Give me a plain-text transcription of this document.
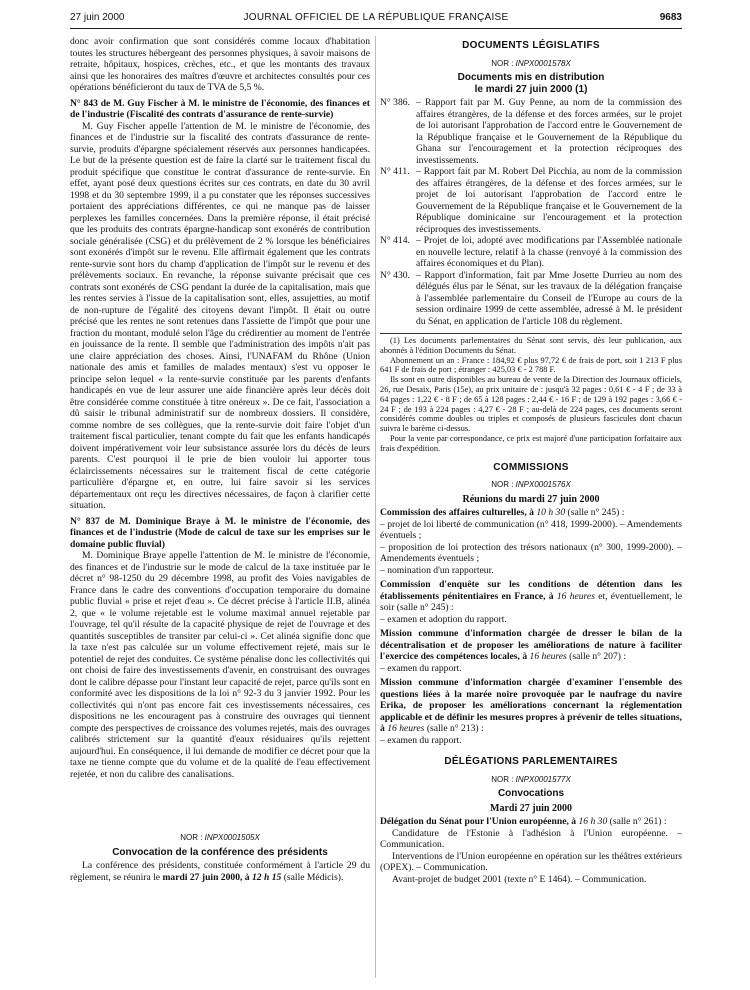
27 juin 2000	JOURNAL OFFICIEL DE LA RÉPUBLIQUE FRANÇAISE	9683

donc avoir confirmation que sont considérés comme locaux d'habitation toutes les structures hébergeant des personnes physiques, à savoir maisons de retraite, hôpitaux, hospices, crèches, etc., et que les montants des travaux ainsi que les honoraires des maîtres d'œuvre et architectes consultés pour ces opérations bénéficieront du taux de TVA de 5,5 %.

N° 843 de M. Guy Fischer à M. le ministre de l'économie, des finances et de l'industrie (Fiscalité des contrats d'assurance de rente-survie)

M. Guy Fischer appelle l'attention de M. le ministre de l'économie, des finances et de l'industrie sur la fiscalité des contrats d'assurance de rente-survie, produits d'épargne spécialement réservés aux personnes handicapées. Le but de la présente question est de faire la clarté sur le traitement fiscal du produit spécifique que constitue le contrat d'assurance de rente-survie. En effet, ayant posé deux questions écrites sur ces contrats, en date du 30 avril 1998 et du 30 septembre 1999, il a pu constater que les réponses successives portaient des appréciations différentes, ce qui ne manque pas de laisser perplexes les familles concernées. Dans la première réponse, il était précisé que les produits des contrats épargne-handicap sont exonérés de contribution sociale généralisée (CSG) et du prélèvement de 2 % lorsque les bénéficiaires sont exonérés d'impôt sur le revenu. Elle affirmait également que les contrats rente-survie sont hors du champ d'application de l'impôt sur le revenu et des prélèvements sociaux. En revanche, la réponse suivante précisait que ces contrats sont exonérés de CSG pendant la durée de la capitalisation, mais que les rentes servies à l'issue de la capitalisation sont, elles, assujetties, au motif de non-rupture de l'égalité des citoyens devant l'impôt. Il était ou outre précisé que les rentes ne sont retenues dans l'assiette de l'impôt que pour une fraction du montant, modulé selon l'âge du crédirentier au moment de l'entrée en jouissance de la rente. Il semble que l'administration des impôts n'ait pas une claire appréciation des choses. Ainsi, l'UNAFAM du Rhône (Union nationale des amis et familles de malades mentaux) s'est vu opposer le principe selon lequel « la rente-survie constituée par les parents d'enfants handicapés en vue de leur assurer une aide financière après leur décès doit être considérée comme constituée à titre onéreux ». De ce fait, l'association a dû saisir le tribunal administratif sur de nombreux dossiers. Il considère, comme nombre de ses collègues, que la rente-survie doit faire l'objet d'un traitement fiscal particulier, tenant compte du fait que les enfants handicapés doivent impérativement voir leur subsistance assurée lors du décès de leurs parents. C'est pourquoi il le prie de bien vouloir lui apporter tous éclaircissements nécessaires sur le traitement fiscal de cette catégorie particulière d'épargne et, en outre, lui faire savoir si les services départementaux ont reçu les directives nécessaires, de façon à clarifier cette situation.

N° 837 de M. Dominique Braye à M. le ministre de l'économie, des finances et de l'industrie (Mode de calcul de taxe sur les emprises sur le domaine public fluvial)

M. Dominique Braye appelle l'attention de M. le ministre de l'économie, des finances et de l'industrie sur le mode de calcul de la taxe instituée par le décret n° 98-1250 du 29 décembre 1998, au profit des Voies navigables de France dans le cadre des conventions d'occupation temporaire du domaine public fluvial « prise et rejet d'eau ». Ce décret précise à l'article II.B, alinéa 2, que « le volume rejetable est le volume maximal annuel rejetable par l'ouvrage, tel qu'il résulte de la capacité physique de rejet de l'ouvrage et des quantités susceptibles de transiter par celui-ci ». Cet alinéa signifie donc que la taxe n'est pas calculée sur un volume effectivement rejeté, mais sur le potentiel de rejet des conduites. Ce système pénalise donc les collectivités qui ont choisi de faire des investissements d'avenir, en construisant des ouvrages dont le calibre dépasse pour l'instant leur capacité de rejet, parce qu'ils sont en conformité avec les dispositions de la loi n° 92-3 du 3 janvier 1992. Pour les collectivités qui n'ont pas encore fait ces investissements nécessaires, ces dispositions ne les encouragent pas à construire des ouvrages qui tiennent compte des perspectives de croissance des volumes rejetés, mais des ouvrages calibrés strictement sur la quantité d'eaux résiduaires qu'ils rejettent aujourd'hui. En conséquence, il lui demande de modifier ce décret pour que la taxe ne tienne compte que du volume et de la qualité de l'eau effectivement rejetée, et non du calibre des canalisations.

NOR : INPX0001505X
Convocation de la conférence des présidents

La conférence des présidents, constituée conformément à l'article 29 du règlement, se réunira le mardi 27 juin 2000, à 12 h 15 (salle Médicis).

DOCUMENTS LÉGISLATIFS
NOR : INPX0001578X
Documents mis en distribution
le mardi 27 juin 2000 (1)
N° 386. – Rapport fait par M. Guy Penne, au nom de la commission des affaires étrangères, de la défense et des forces armées, sur le projet de loi autorisant l'approbation de l'accord entre le Gouvernement de la République française et le Gouvernement de la République du Ghana sur l'encouragement et la protection réciproques des investissements.
N° 411. – Rapport fait par M. Robert Del Picchia, au nom de la commission des affaires étrangères, de la défense et des forces armées, sur le projet de loi autorisant l'approbation de l'accord entre le Gouvernement de la République française et le Gouvernement de la République dominicaine sur l'encouragement et la protection réciproques des investissements.
N° 414. – Projet de loi, adopté avec modifications par l'Assemblée nationale en nouvelle lecture, relatif à la chasse (renvoyé à la commission des affaires économiques et du Plan).
N° 430. – Rapport d'information, fait par Mme Josette Durrieu au nom des délégués élus par le Sénat, sur les travaux de la délégation française à l'assemblée parlementaire du Conseil de l'Europe au cours de la session ordinaire 1999 de cette assemblée, adressé à M. le président du Sénat, en application de l'article 108 du règlement.

(1) Les documents parlementaires du Sénat sont servis, dès leur publication, aux abonnés à l'édition Documents du Sénat.

Abonnement un an : France : 184,92 € plus 97,72 € de frais de port, soit 1 213 F plus 641 F de frais de port ; étranger : 425,03 € - 2 788 F.

Ils sont en outre disponibles au bureau de vente de la Direction des Journaux officiels, 26, rue Desaix, Paris (15e), au prix unitaire de : jusqu'à 32 pages : 0,61 € - 4 F ; de 33 à 64 pages : 1,22 € - 8 F ; de 65 à 128 pages : 2,44 € - 16 F ; de 129 à 192 pages : 3,66 € - 24 F ; de 193 à 224 pages : 4,27 € - 28 F ; au-delà de 224 pages, ces documents seront considérés comme doubles ou triples et composés de plusieurs fascicules dont chacun suivra le barème ci-dessus.

Pour la vente par correspondance, ce prix est majoré d'une participation forfaitaire aux frais d'expédition.

COMMISSIONS
NOR : INPX0001576X
Réunions du mardi 27 juin 2000

Commission des affaires culturelles, à 10 h 30 (salle n° 245) :

– projet de loi liberté de communication (n° 418, 1999-2000). – Amendements éventuels ;

– proposition de loi protection des trésors nationaux (n° 300, 1999-2000). – Amendements éventuels ;

– nomination d'un rapporteur.

Commission d'enquête sur les conditions de détention dans les établissements pénitentiaires en France, à 16 heures et, éventuellement, le soir (salle n° 245) :

– examen et adoption du rapport.

Mission commune d'information chargée de dresser le bilan de la décentralisation et de proposer les améliorations de nature à faciliter l'exercice des compétences locales, à 16 heures (salle n° 207) :

– examen du rapport.

Mission commune d'information chargée d'examiner l'ensemble des questions liées à la marée noire provoquée par le naufrage du navire Erika, de proposer les améliorations concernant la réglementation applicable et de définir les mesures propres à prévenir de telles situations, à 16 heures (salle n° 213) :

– examen du rapport.

DÉLÉGATIONS PARLEMENTAIRES
NOR : INPX0001577X
Convocations
Mardi 27 juin 2000

Délégation du Sénat pour l'Union européenne, à 16 h 30 (salle n° 261) :

Candidature de l'Estonie à l'adhésion à l'Union européenne. – Communication.

Interventions de l'Union européenne en opération sur les théâtres extérieurs (OPEX). – Communication.

Avant-projet de budget 2001 (texte n° E 1464). – Communication.
